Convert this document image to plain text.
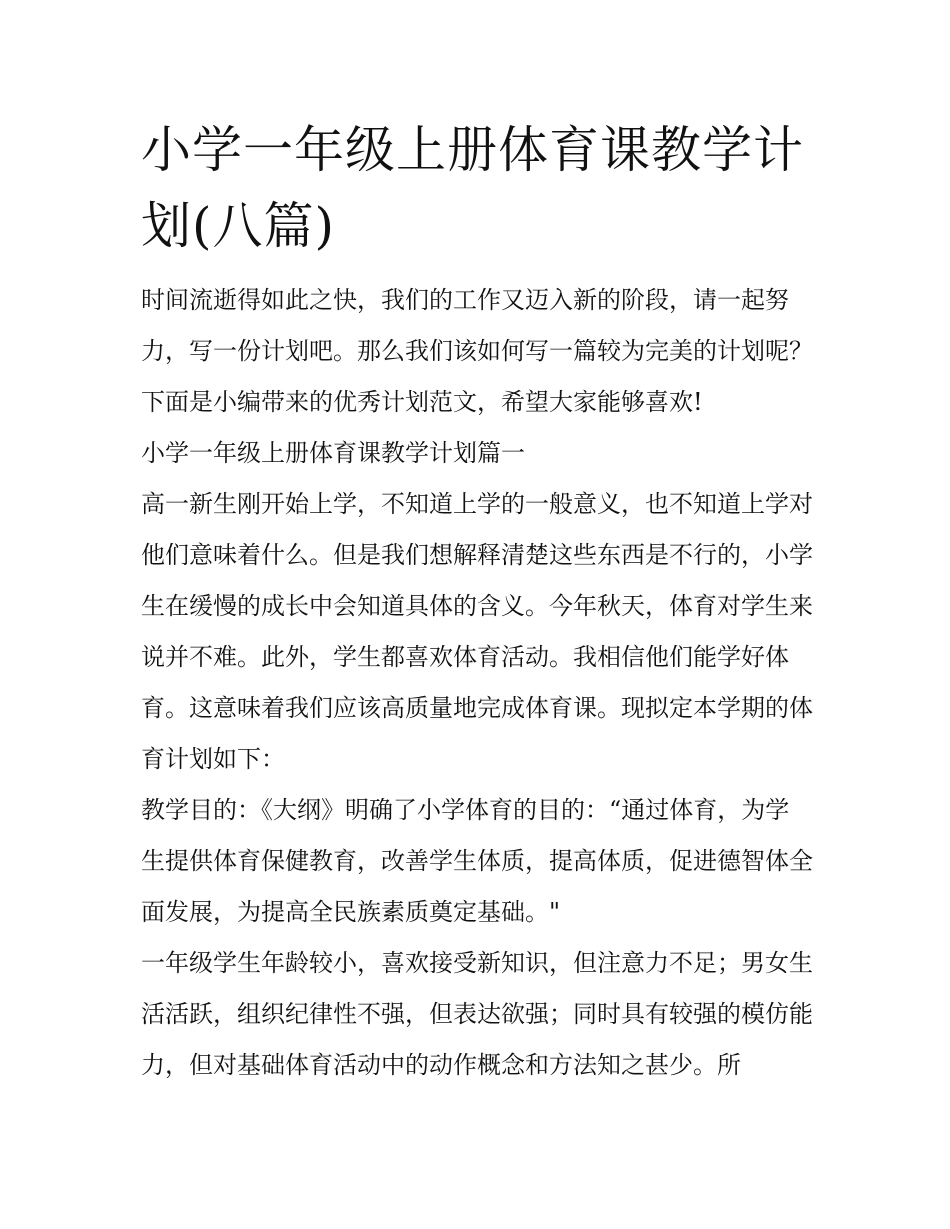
小学一年级上册体育课教学计划(八篇)

时间流逝得如此之快，我们的工作又迈入新的阶段，请一起努力，写一份计划吧。那么我们该如何写一篇较为完美的计划呢？下面是小编带来的优秀计划范文，希望大家能够喜欢!

小学一年级上册体育课教学计划篇一

高一新生刚开始上学，不知道上学的一般意义，也不知道上学对他们意味着什么。但是我们想解释清楚这些东西是不行的，小学生在缓慢的成长中会知道具体的含义。今年秋天，体育对学生来说并不难。此外，学生都喜欢体育活动。我相信他们能学好体育。这意味着我们应该高质量地完成体育课。现拟定本学期的体育计划如下：

教学目的：《大纲》明确了小学体育的目的：“通过体育，为学生提供体育保健教育，改善学生体质，提高体质，促进德智体全面发展，为提高全民族素质奠定基础。"

一年级学生年龄较小，喜欢接受新知识，但注意力不足；男女生活活跃，组织纪律性不强，但表达欲强；同时具有较强的模仿能力，但对基础体育活动中的动作概念和方法知之甚少。所
